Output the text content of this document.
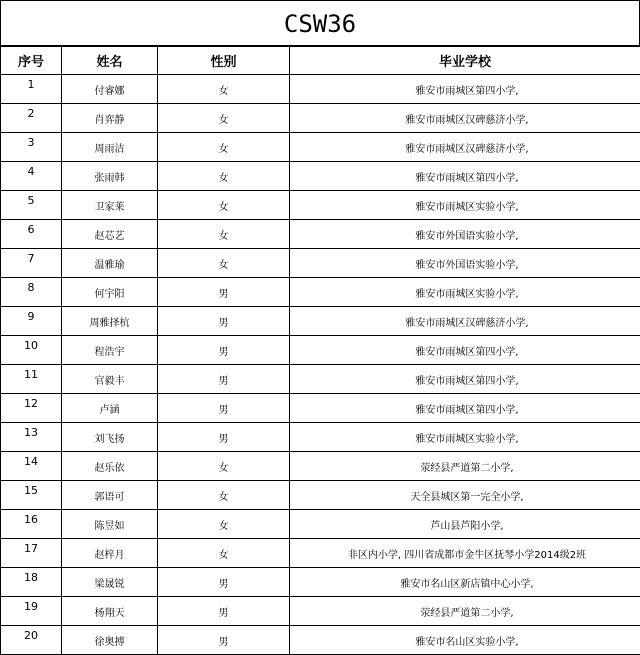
CSW36
序号	姓名	性别	毕业学校
1	付睿娜	女	雅安市雨城区第四小学,
2	肖弈静	女	雅安市雨城区汉碑慈济小学,
3	周雨洁	女	雅安市雨城区汉碑慈济小学,
4	张雨韩	女	雅安市雨城区第四小学,
5	卫家莱	女	雅安市雨城区实验小学,
6	赵芯艺	女	雅安市外国语实验小学,
7	温雅瑜	女	雅安市外国语实验小学,
8	何宇阳	男	雅安市雨城区实验小学,
9	周雅择杭	男	雅安市雨城区汉碑慈济小学,
10	程浩宇	男	雅安市雨城区第四小学,
11	官毅丰	男	雅安市雨城区第四小学,
12	卢涵	男	雅安市雨城区第四小学,
13	刘飞扬	男	雅安市雨城区实验小学,
14	赵乐依	女	荥经县严道第二小学,
15	郭语可	女	天全县城区第一完全小学,
16	陈昱如	女	芦山县芦阳小学,
17	赵梓月	女	非区内小学, 四川省成都市金牛区抚琴小学2014级2班
18	梁晟锐	男	雅安市名山区新店镇中心小学,
19	杨翔天	男	荥经县严道第二小学,
20	徐奥搏	男	雅安市名山区实验小学,
